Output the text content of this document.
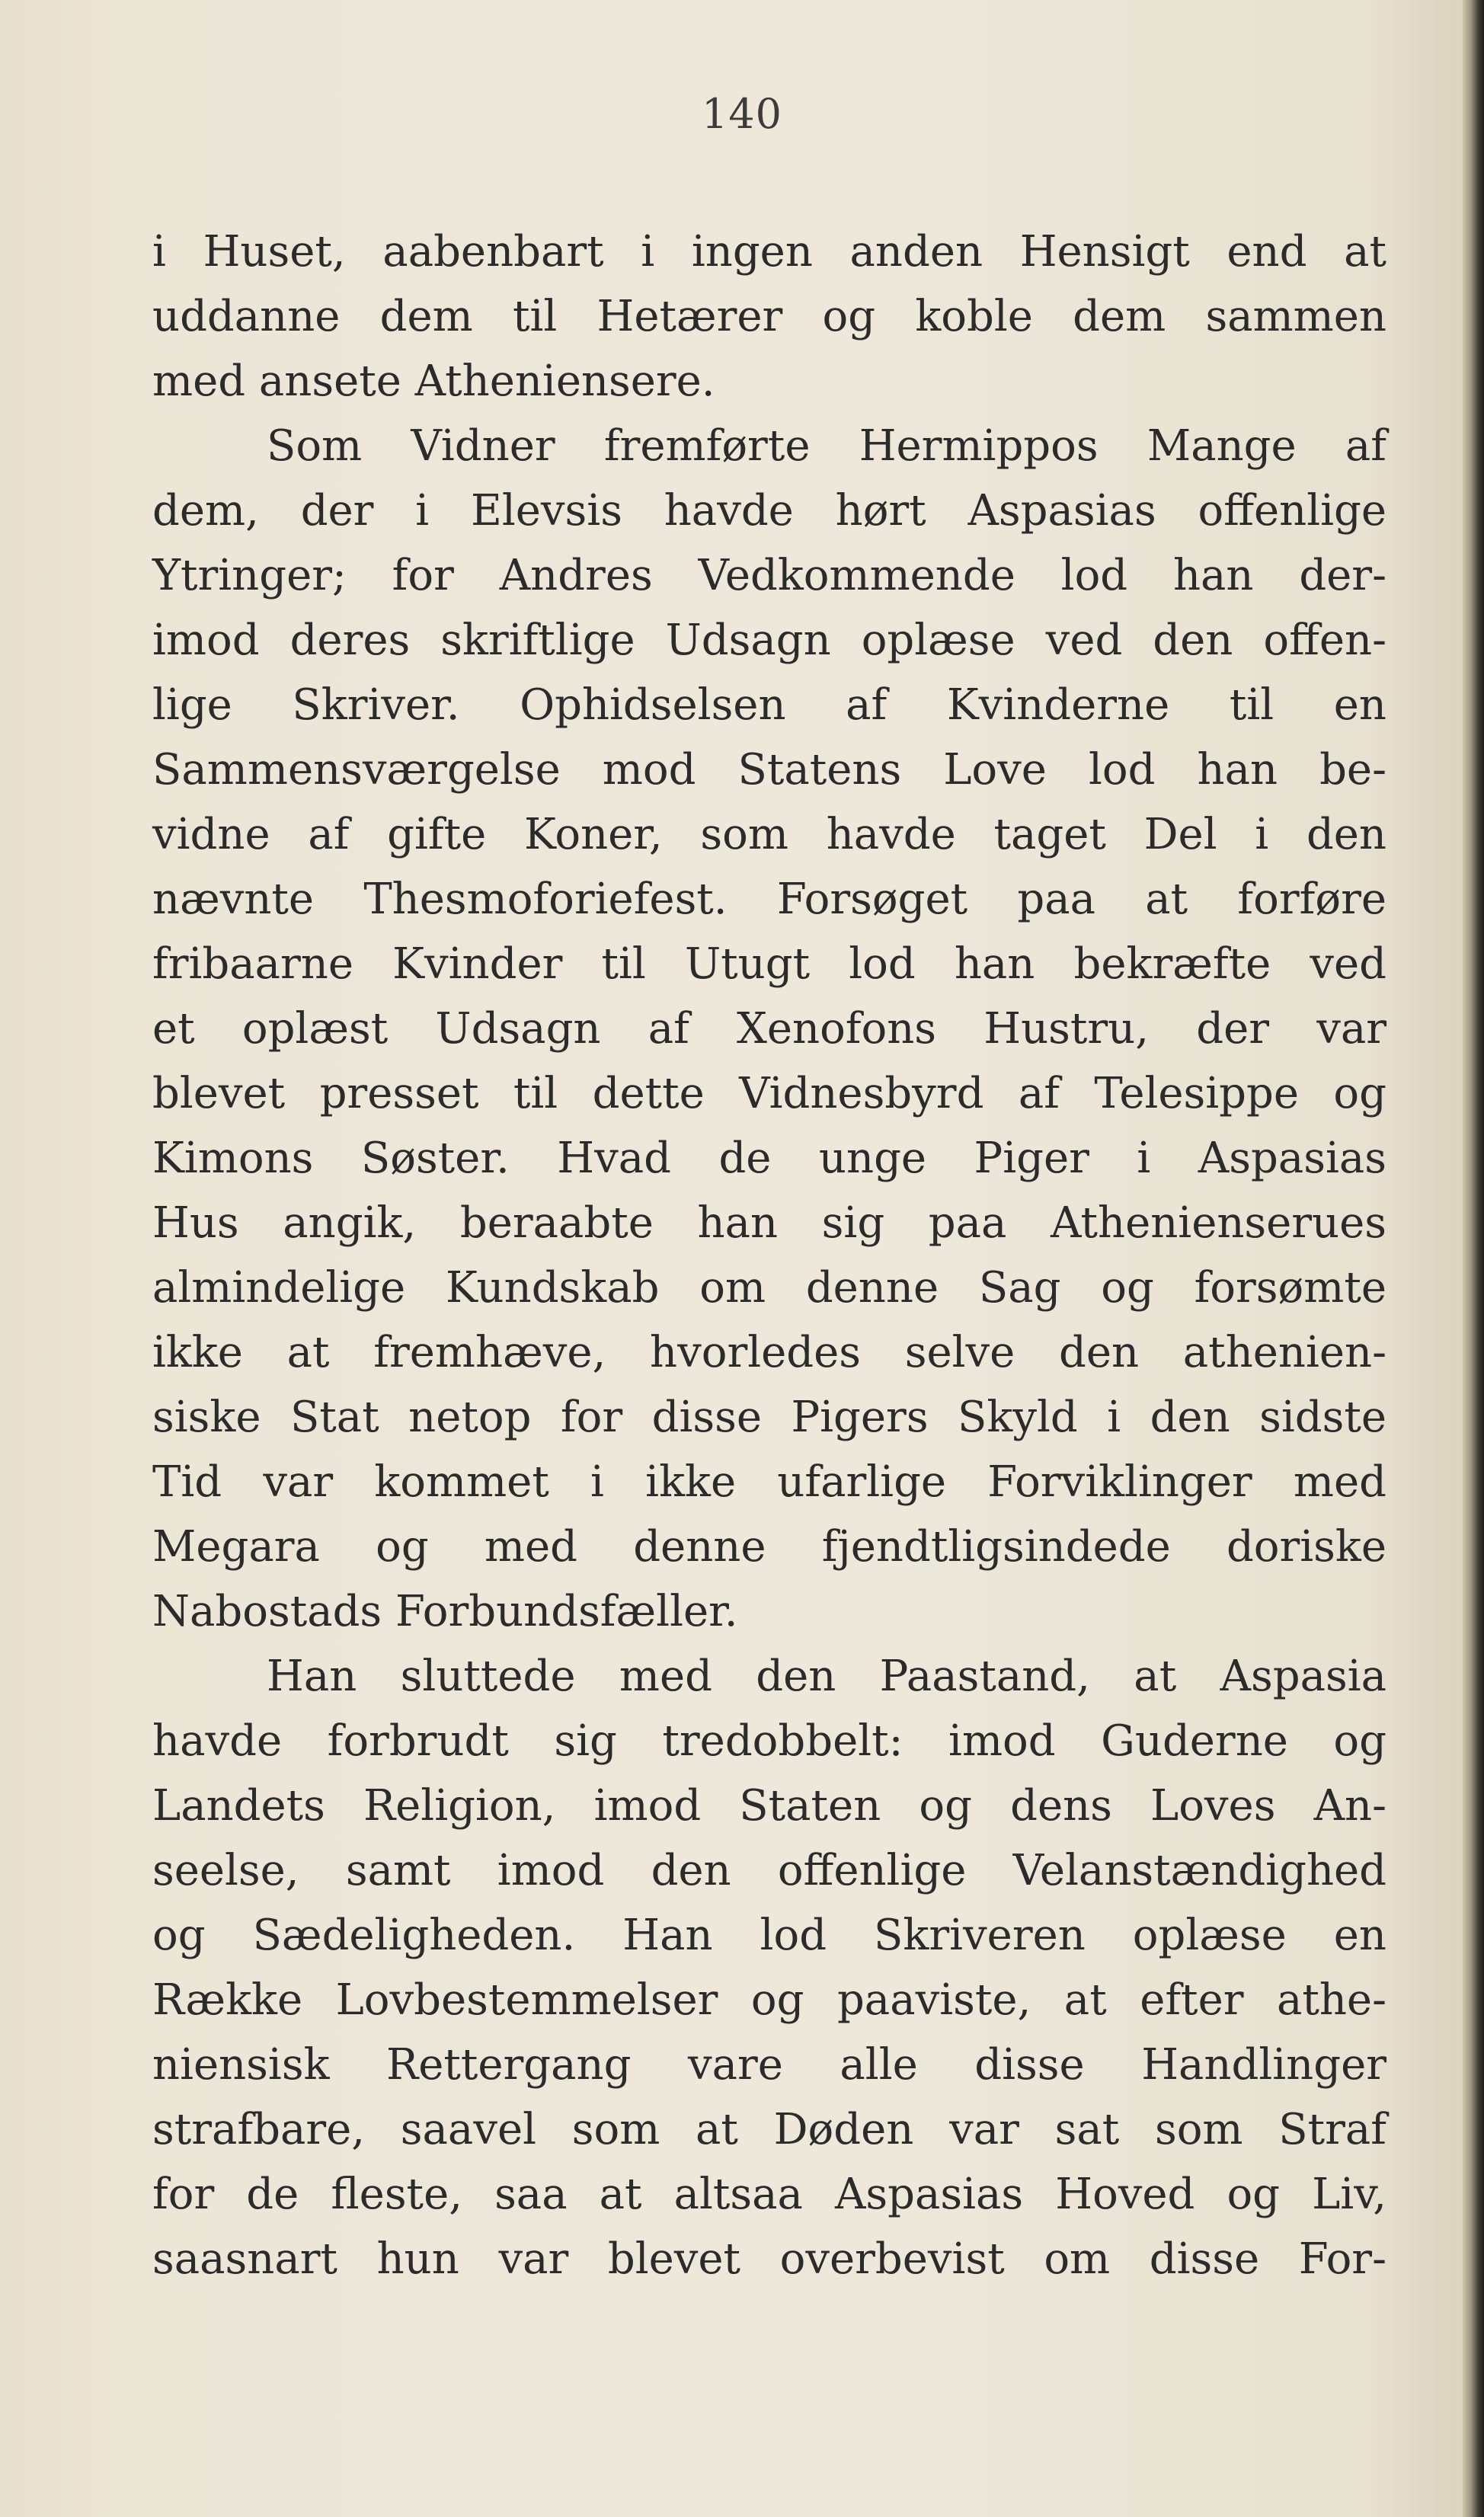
140
i Huset, aabenbart i ingen anden Hensigt end at
uddanne dem til Hetærer og koble dem sammen
med ansete Atheniensere.
Som Vidner fremførte Hermippos Mange af
dem, der i Elevsis havde hørt Aspasias offenlige
Ytringer; for Andres Vedkommende lod han der-
imod deres skriftlige Udsagn oplæse ved den offen-
lige Skriver. Ophidselsen af Kvinderne til en
Sammensværgelse mod Statens Love lod han be-
vidne af gifte Koner, som havde taget Del i den
nævnte Thesmoforiefest. Forsøget paa at forføre
fribaarne Kvinder til Utugt lod han bekræfte ved
et oplæst Udsagn af Xenofons Hustru, der var
blevet presset til dette Vidnesbyrd af Telesippe og
Kimons Søster. Hvad de unge Piger i Aspasias
Hus angik, beraabte han sig paa Athenienserues
almindelige Kundskab om denne Sag og forsømte
ikke at fremhæve, hvorledes selve den athenien-
siske Stat netop for disse Pigers Skyld i den sidste
Tid var kommet i ikke ufarlige Forviklinger med
Megara og med denne fjendtligsindede doriske
Nabostads Forbundsfæller.
Han sluttede med den Paastand, at Aspasia
havde forbrudt sig tredobbelt: imod Guderne og
Landets Religion, imod Staten og dens Loves An-
seelse, samt imod den offenlige Velanstændighed
og Sædeligheden. Han lod Skriveren oplæse en
Række Lovbestemmelser og paaviste, at efter athe-
niensisk Rettergang vare alle disse Handlinger
strafbare, saavel som at Døden var sat som Straf
for de fleste, saa at altsaa Aspasias Hoved og Liv,
saasnart hun var blevet overbevist om disse For-
